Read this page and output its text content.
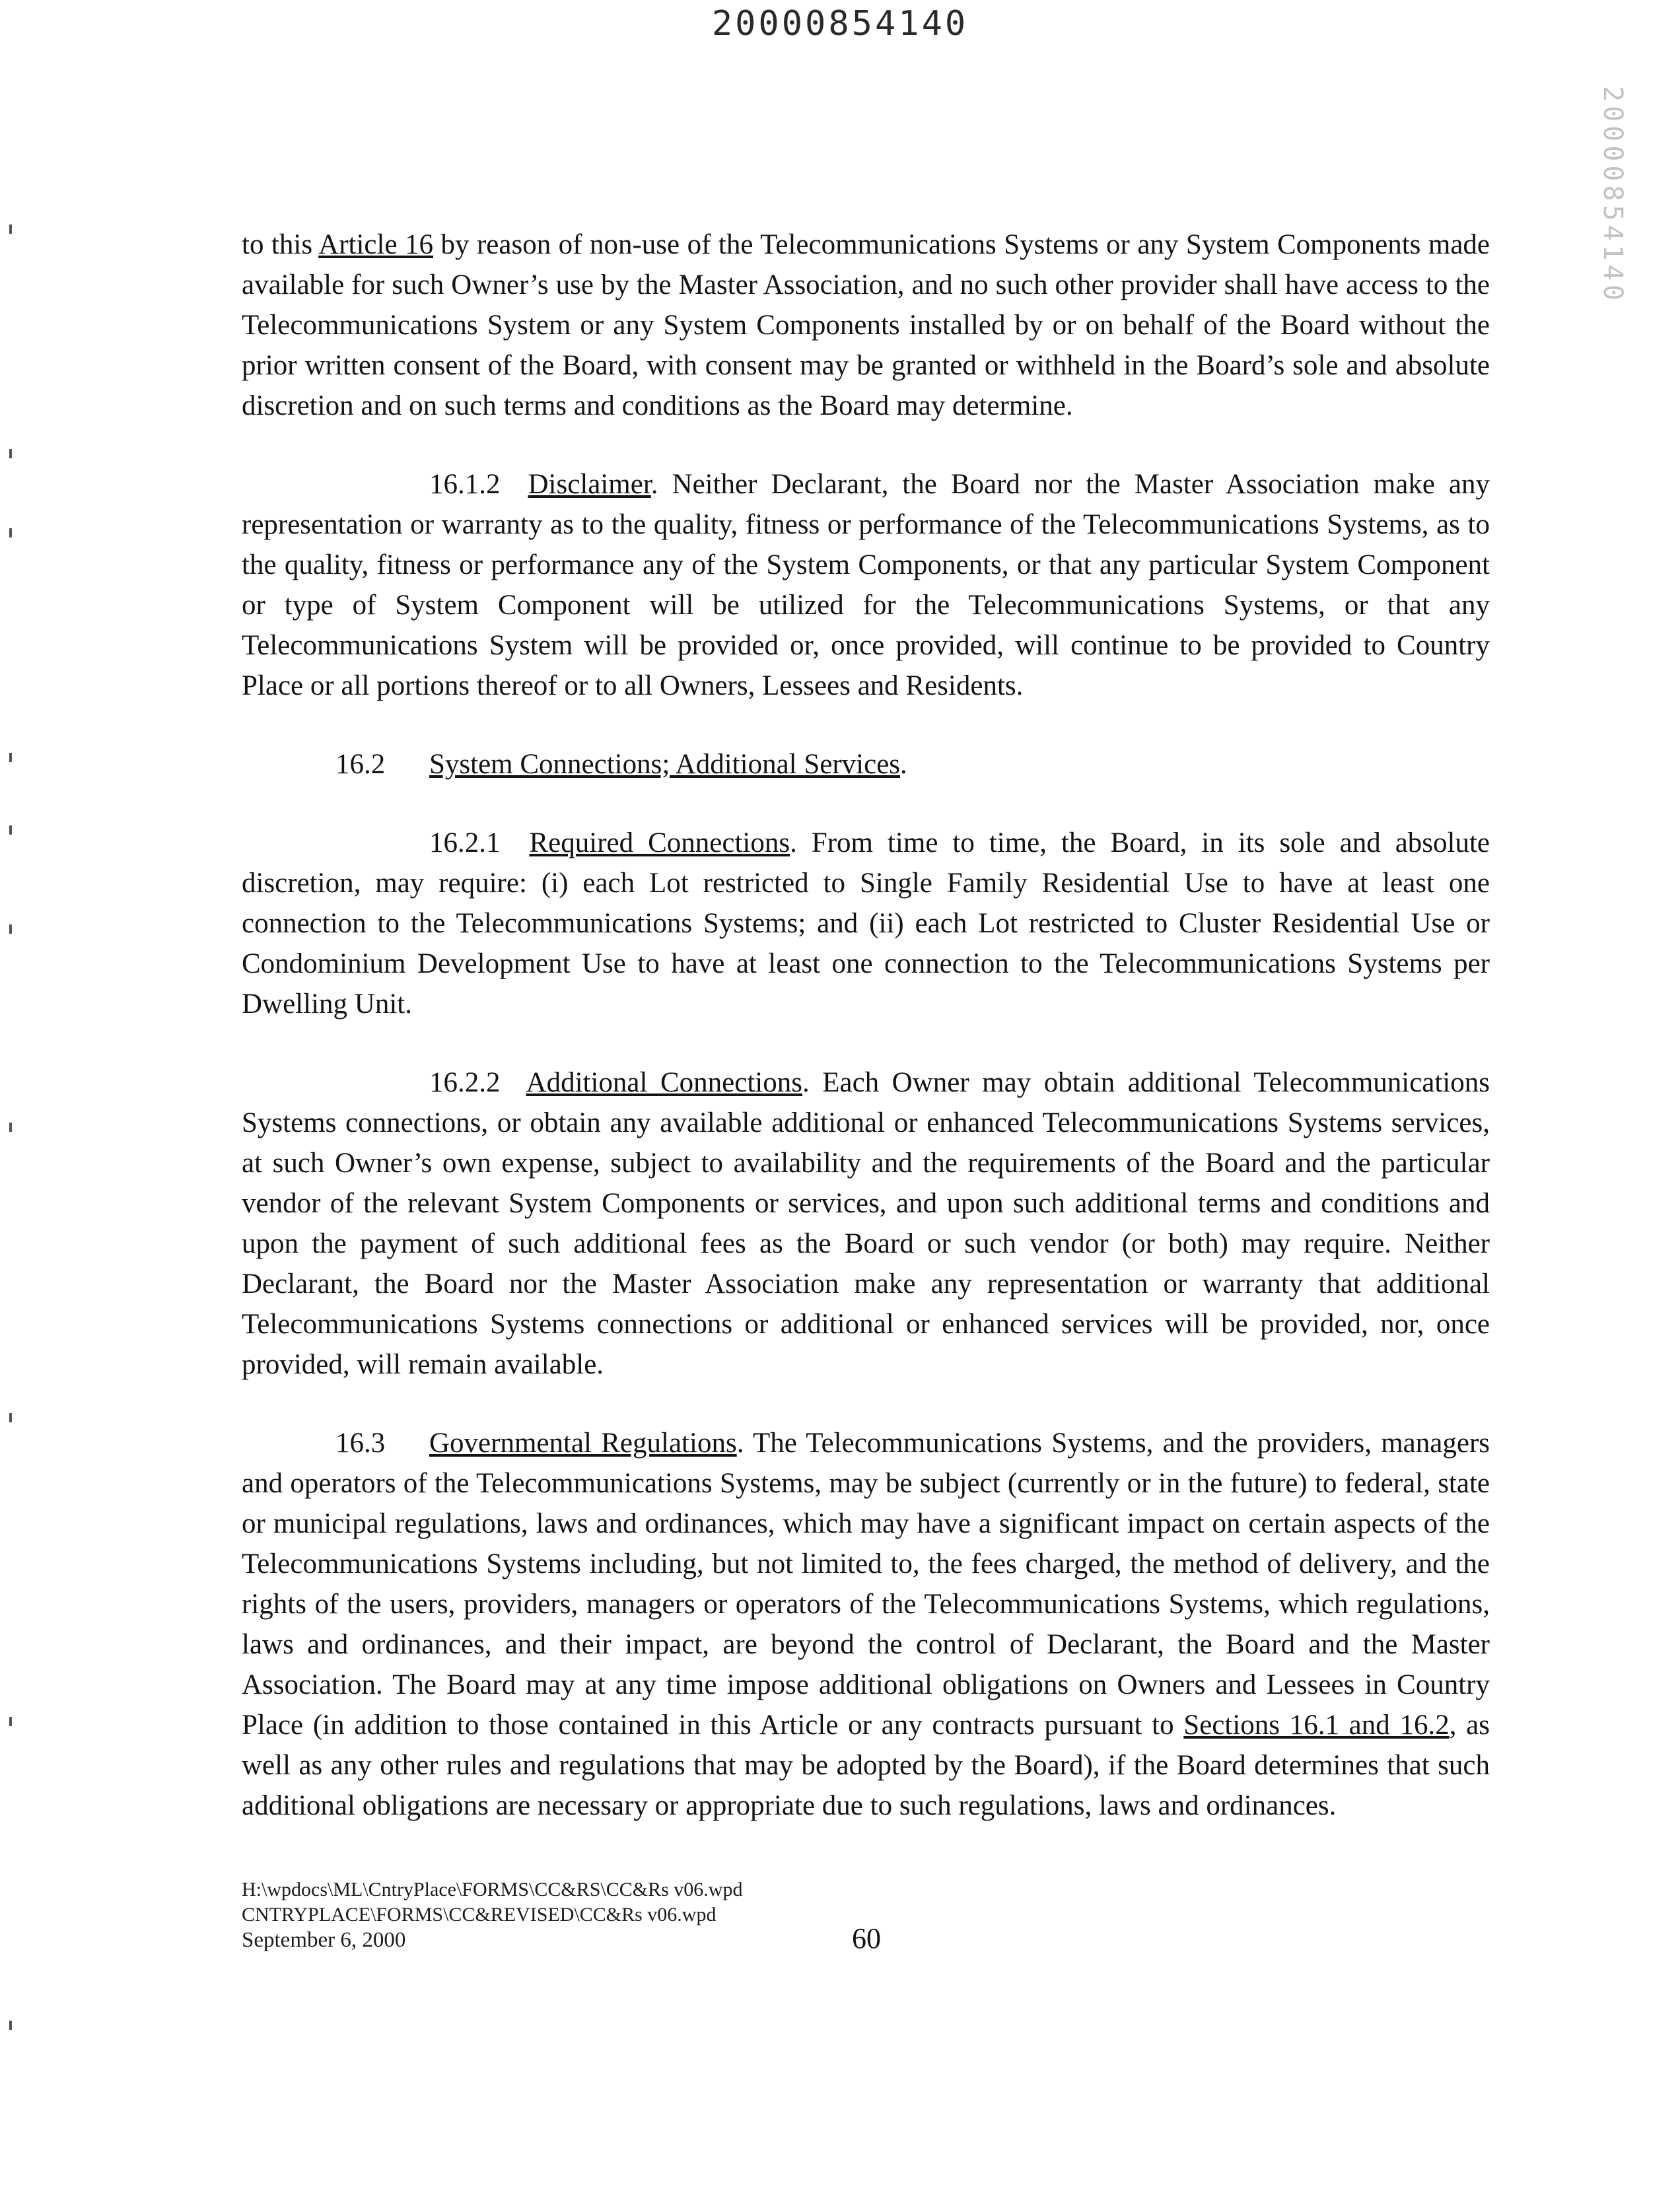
20000854140
20000854140

to this Article 16 by reason of non-use of the Telecommunications Systems or any System Components made available for such Owner’s use by the Master Association, and no such other provider shall have access to the Telecommunications System or any System Components installed by or on behalf of the Board without the prior written consent of the Board, with consent may be granted or withheld in the Board’s sole and absolute discretion and on such terms and conditions as the Board may determine.

16.1.2 Disclaimer. Neither Declarant, the Board nor the Master Association make any representation or warranty as to the quality, fitness or performance of the Telecommunications Systems, as to the quality, fitness or performance any of the System Components, or that any particular System Component or type of System Component will be utilized for the Telecommunications Systems, or that any Telecommunications System will be provided or, once provided, will continue to be provided to Country Place or all portions thereof or to all Owners, Lessees and Residents.

16.2 System Connections; Additional Services.

16.2.1 Required Connections. From time to time, the Board, in its sole and absolute discretion, may require: (i) each Lot restricted to Single Family Residential Use to have at least one connection to the Telecommunications Systems; and (ii) each Lot restricted to Cluster Residential Use or Condominium Development Use to have at least one connection to the Telecommunications Systems per Dwelling Unit.

16.2.2 Additional Connections. Each Owner may obtain additional Telecommunications Systems connections, or obtain any available additional or enhanced Telecommunications Systems services, at such Owner’s own expense, subject to availability and the requirements of the Board and the particular vendor of the relevant System Components or services, and upon such additional terms and conditions and upon the payment of such additional fees as the Board or such vendor (or both) may require. Neither Declarant, the Board nor the Master Association make any representation or warranty that additional Telecommunications Systems connections or additional or enhanced services will be provided, nor, once provided, will remain available.

16.3 Governmental Regulations. The Telecommunications Systems, and the providers, managers and operators of the Telecommunications Systems, may be subject (currently or in the future) to federal, state or municipal regulations, laws and ordinances, which may have a significant impact on certain aspects of the Telecommunications Systems including, but not limited to, the fees charged, the method of delivery, and the rights of the users, providers, managers or operators of the Telecommunications Systems, which regulations, laws and ordinances, and their impact, are beyond the control of Declarant, the Board and the Master Association. The Board may at any time impose additional obligations on Owners and Lessees in Country Place (in addition to those contained in this Article or any contracts pursuant to Sections 16.1 and 16.2, as well as any other rules and regulations that may be adopted by the Board), if the Board determines that such additional obligations are necessary or appropriate due to such regulations, laws and ordinances.

H:\wpdocs\ML\CntryPlace\FORMS\CC&RS\CC&Rs v06.wpd
CNTRYPLACE\FORMS\CC&REVISED\CC&Rs v06.wpd
September 6, 2000	60
